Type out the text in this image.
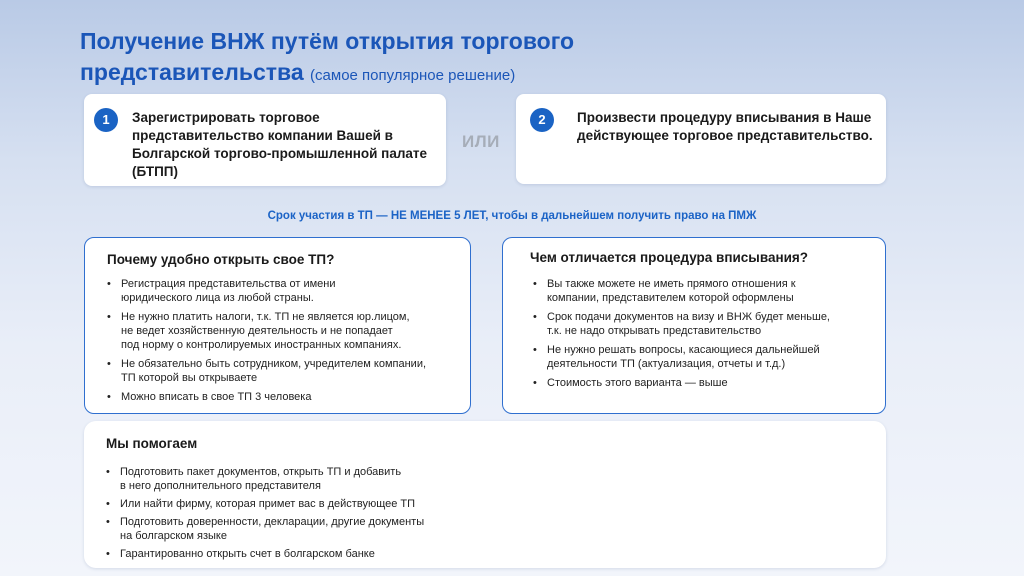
Получение ВНЖ путём открытия торгового
представительства (самое популярное решение)
1	Зарегистрировать торговое представительство компании Вашей в Болгарской торгово-промышленной палате (БТПП)
ИЛИ
2	Произвести процедуру вписывания в Наше действующее торговое представительство.
Срок участия в ТП — НЕ МЕНЕЕ 5 ЛЕТ, чтобы в дальнейшем получить право на ПМЖ
Почему удобно открыть свое ТП?
• Регистрация представительства от имени
юридического лица из любой страны.
• Не нужно платить налоги, т.к. ТП не является юр.лицом,
не ведет хозяйственную деятельность и не попадает
под норму о контролируемых иностранных компаниях.
• Не обязательно быть сотрудником, учредителем компании,
ТП которой вы открываете
• Можно вписать в свое ТП 3 человека
Чем отличается процедура вписывания?
• Вы также можете не иметь прямого отношения к
компании, представителем которой оформлены
• Срок подачи документов на визу и ВНЖ будет меньше,
т.к. не надо открывать представительство
• Не нужно решать вопросы, касающиеся дальнейшей
деятельности ТП (актуализация, отчеты и т.д.)
• Стоимость этого варианта — выше
Мы помогаем
• Подготовить пакет документов, открыть ТП и добавить
в него дополнительного представителя
• Или найти фирму, которая примет вас в действующее ТП
• Подготовить доверенности, декларации, другие документы
на болгарском языке
• Гарантированно открыть счет в болгарском банке
